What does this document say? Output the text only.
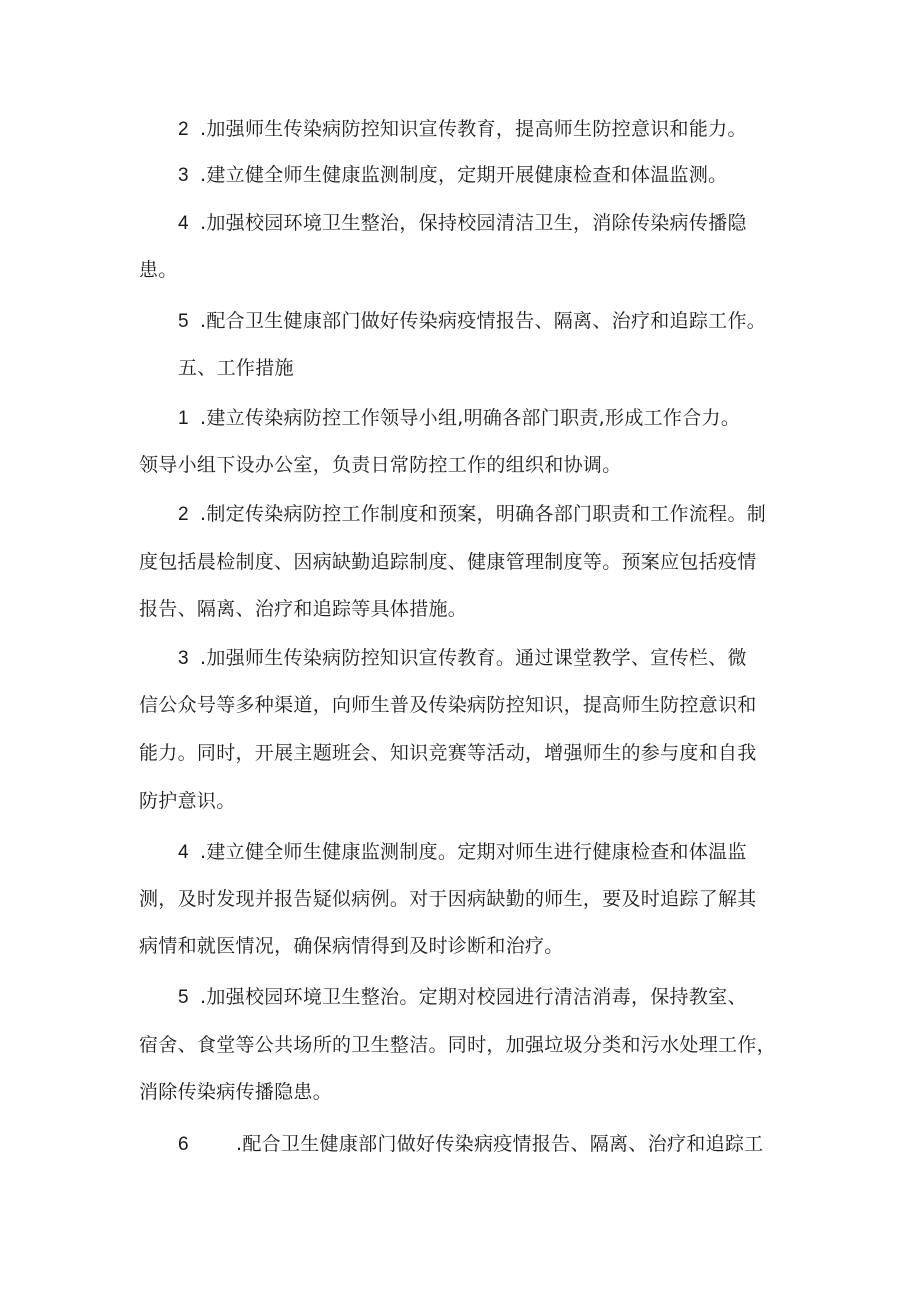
2 .加强师生传染病防控知识宣传教育，提高师生防控意识和能力。
3 .建立健全师生健康监测制度，定期开展健康检查和体温监测。
4 .加强校园环境卫生整治，保持校园清洁卫生，消除传染病传播隐
患。
5 .配合卫生健康部门做好传染病疫情报告、隔离、治疗和追踪工作。
五、工作措施
1 .建立传染病防控工作领导小组,明确各部门职责,形成工作合力。
领导小组下设办公室，负责日常防控工作的组织和协调。
2 .制定传染病防控工作制度和预案，明确各部门职责和工作流程。制
度包括晨检制度、因病缺勤追踪制度、健康管理制度等。预案应包括疫情
报告、隔离、治疗和追踪等具体措施。
3 .加强师生传染病防控知识宣传教育。通过课堂教学、宣传栏、微
信公众号等多种渠道，向师生普及传染病防控知识，提高师生防控意识和
能力。同时，开展主题班会、知识竞赛等活动，增强师生的参与度和自我
防护意识。
4 .建立健全师生健康监测制度。定期对师生进行健康检查和体温监
测，及时发现并报告疑似病例。对于因病缺勤的师生，要及时追踪了解其
病情和就医情况，确保病情得到及时诊断和治疗。
5 .加强校园环境卫生整治。定期对校园进行清洁消毒，保持教室、
宿舍、食堂等公共场所的卫生整洁。同时，加强垃圾分类和污水处理工作，
消除传染病传播隐患。
6 .配合卫生健康部门做好传染病疫情报告、隔离、治疗和追踪工
